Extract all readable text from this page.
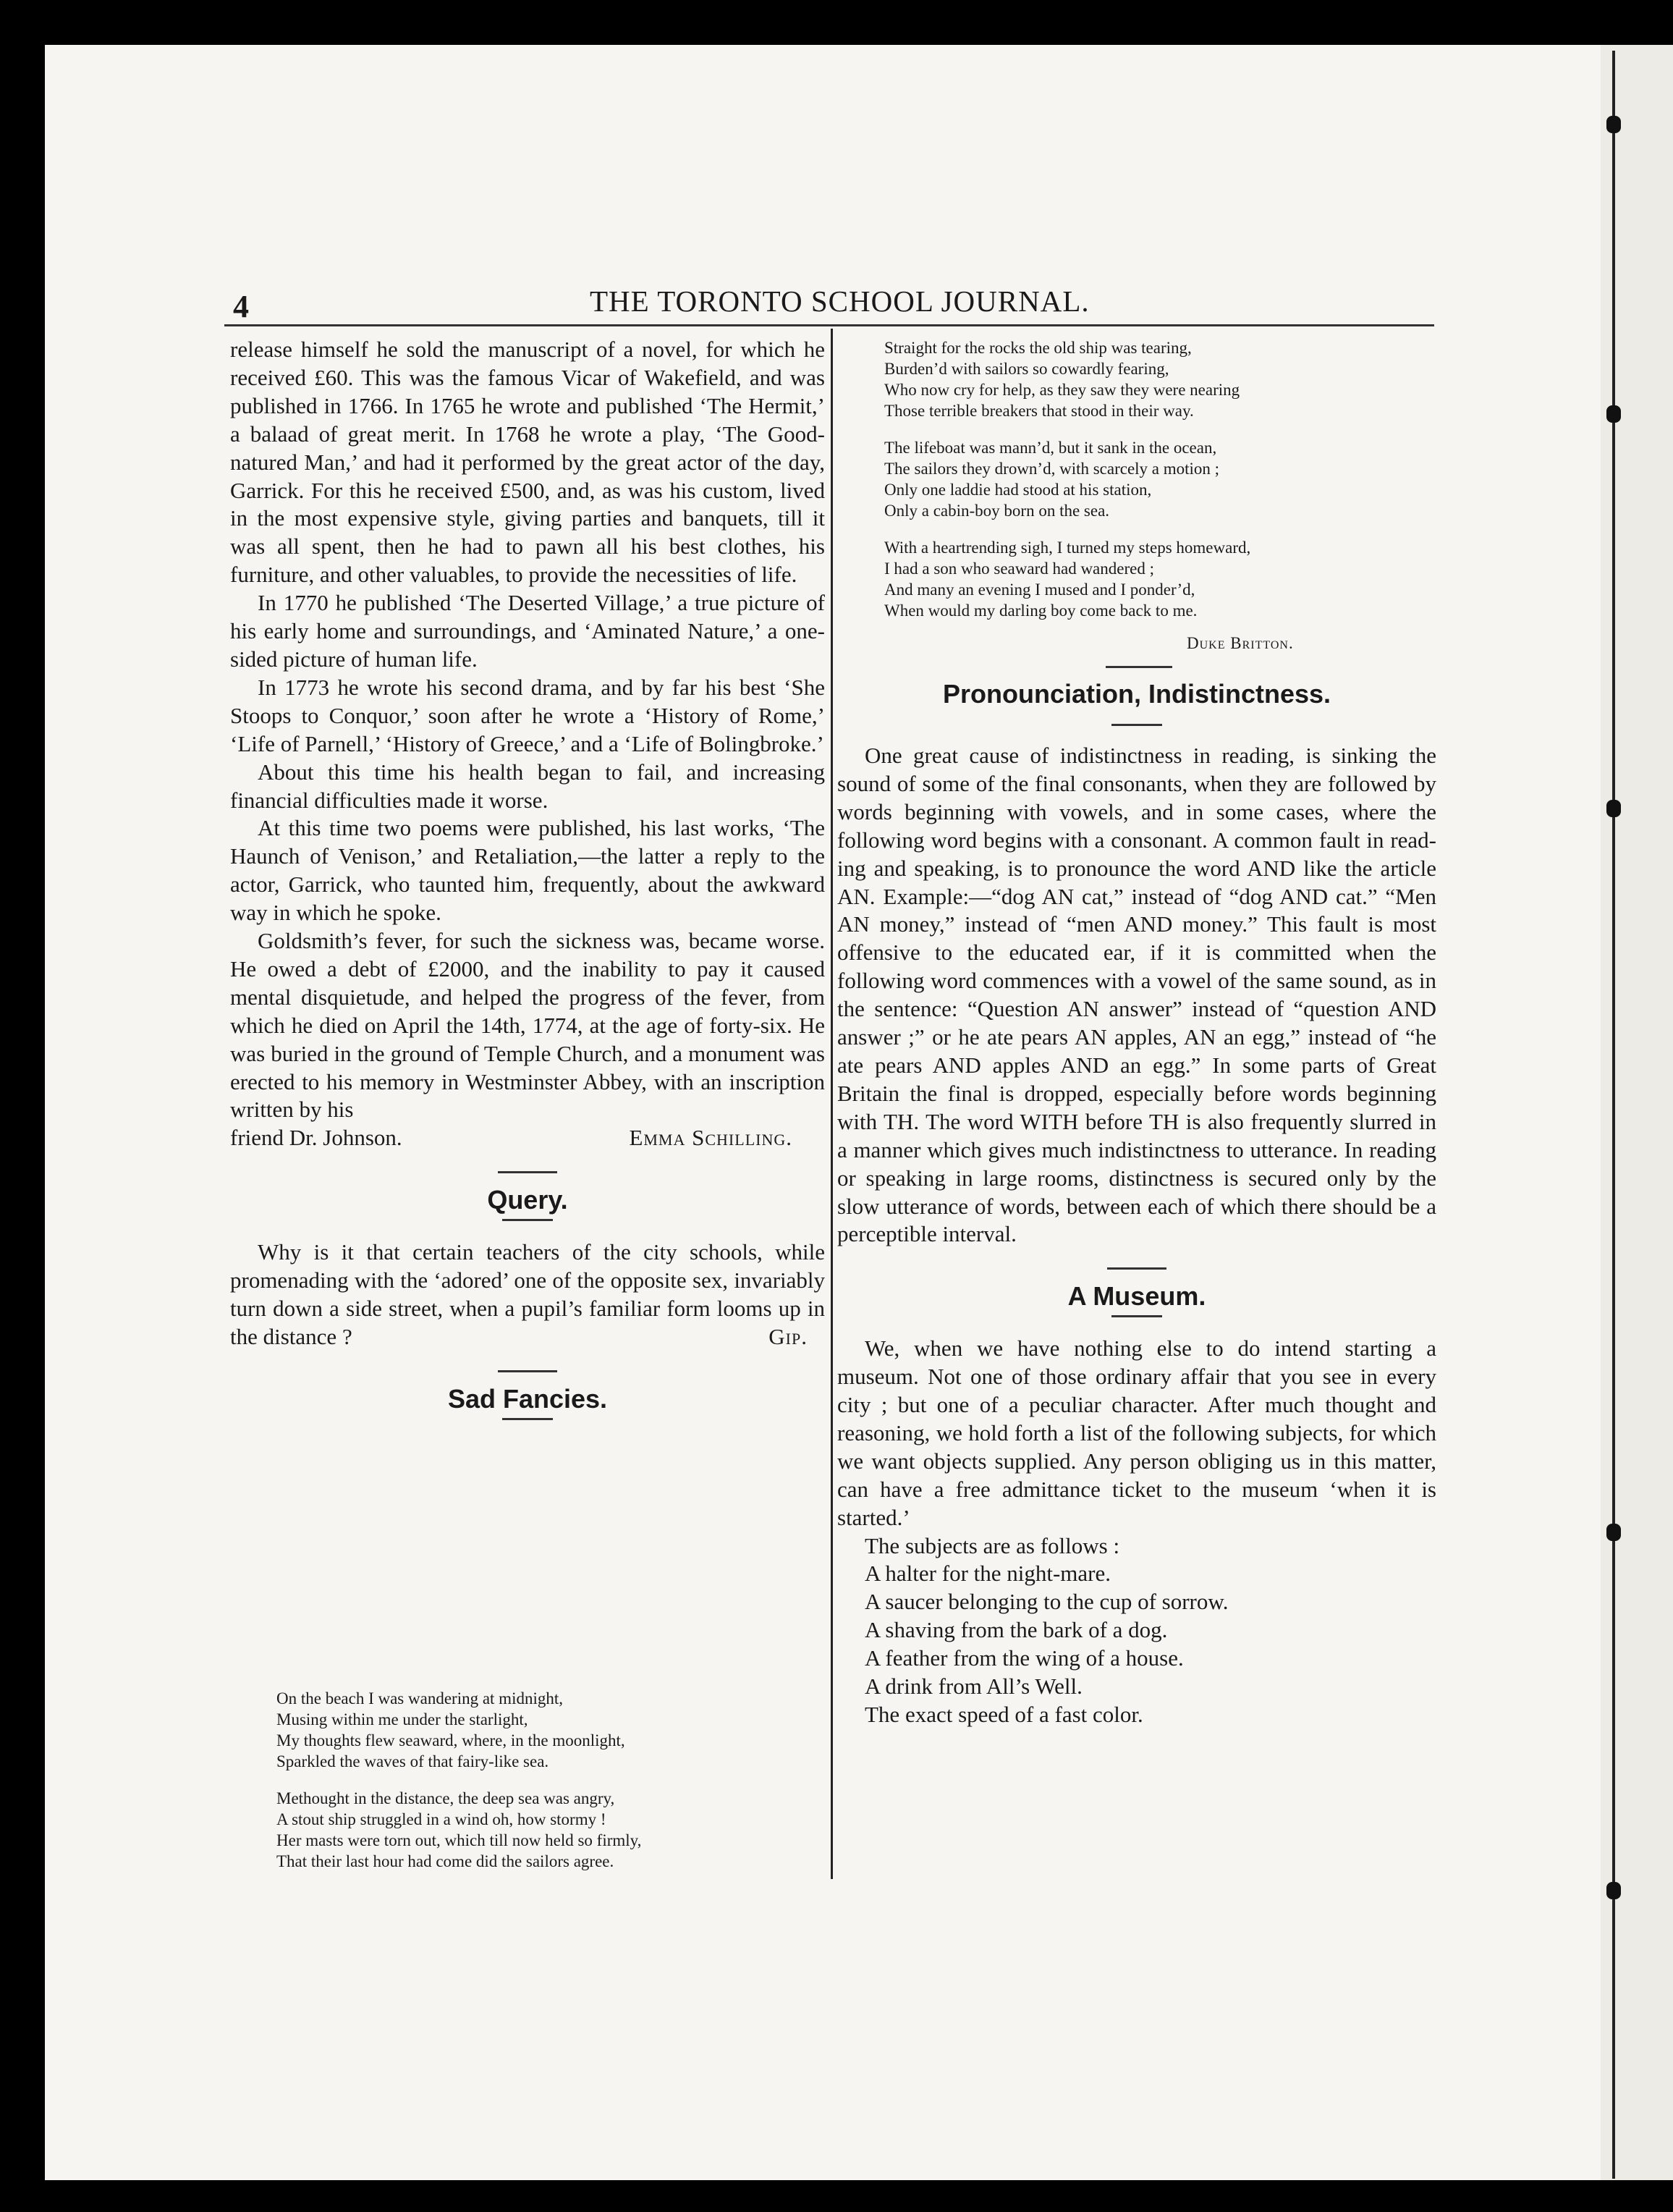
4	THE TORONTO SCHOOL JOURNAL.

release himself he sold the manuscript of a novel, for which he received £60. This was the famous Vicar of Wakefield, and was published in 1766. In 1765 he wrote and published ‘The Hermit,’ a balaad of great merit. In 1768 he wrote a play, ‘The Good-natured Man,’ and had it performed by the great actor of the day, Garrick. For this he received £500, and, as was his custom, lived in the most expensive style, giving parties and banquets, till it was all spent, then he had to pawn all his best clothes, his furniture, and other valuables, to provide the necessities of life.

In 1770 he published ‘The Deserted Village,’ a true picture of his early home and surroundings, and ‘Aminated Nature,’ a one-sided picture of human life.

In 1773 he wrote his second drama, and by far his best ‘She Stoops to Conquor,’ soon after he wrote a ‘History of Rome,’ ‘Life of Parnell,’ ‘History of Greece,’ and a ‘Life of Bolingbroke.’

About this time his health began to fail, and increasing financial difficulties made it worse.

At this time two poems were published, his last works, ‘The Haunch of Venison,’ and Retaliation,—the latter a reply to the actor, Garrick, who taunted him, frequently, about the awkward way in which he spoke.

Goldsmith’s fever, for such the sickness was, became worse. He owed a debt of £2000, and the inability to pay it caused mental disquietude, and helped the progress of the fever, from which he died on April the 14th, 1774, at the age of forty-six. He was buried in the ground of Temple Church, and a monument was erected to his memory in Westminster Abbey, with an inscription written by his

friend Dr. Johnson.	Emma Schilling.
Query.

Why is it that certain teachers of the city schools, while promenading with the ‘adored’ one of the opposite sex, invariably turn down a side street, when a pupil’s familiar form looms up in the distance ?	Gip.
Sad Fancies.

On the beach I was wandering at midnight,

Musing within me under the starlight,

My thoughts flew seaward, where, in the moonlight,

Sparkled the waves of that fairy-like sea.

Methought in the distance, the deep sea was angry,

A stout ship struggled in a wind oh, how stormy !

Her masts were torn out, which till now held so firmly,

That their last hour had come did the sailors agree.

Straight for the rocks the old ship was tearing,

Burden’d with sailors so cowardly fearing,

Who now cry for help, as they saw they were nearing

Those terrible breakers that stood in their way.

The lifeboat was mann’d, but it sank in the ocean,

The sailors they drown’d, with scarcely a motion ;

Only one laddie had stood at his station,

Only a cabin-boy born on the sea.

With a heartrending sigh, I turned my steps homeward,

I had a son who seaward had wandered ;

And many an evening I mused and I ponder’d,

When would my darling boy come back to me.

Duke Britton.
Pronounciation, Indistinctness.

One great cause of indistinctness in reading, is sinking the sound of some of the final consonants, when they are followed by words beginning with vowels, and in some cases, where the following word begins with a consonant. A common fault in reading and speaking, is to pronounce the word AND like the article AN. Example:—“dog AN cat,” instead of “dog AND cat.” “Men AN money,” instead of “men AND money.” This fault is most offensive to the educated ear, if it is committed when the following word commences with a vowel of the same sound, as in the sentence: “Question AN answer” instead of “question AND answer ;” or he ate pears AN apples, AN an egg,” instead of “he ate pears AND apples AND an egg.” In some parts of Great Britain the final is dropped, especially before words beginning with TH. The word WITH before TH is also frequently slurred in a manner which gives much indistinctness to utterance. In reading or speaking in large rooms, distinctness is secured only by the slow utterance of words, between each of which there should be a perceptible interval.

A Museum.

We, when we have nothing else to do intend starting a museum. Not one of those ordinary affair that you see in every city ; but one of a peculiar character. After much thought and reasoning, we hold forth a list of the following subjects, for which we want objects supplied. Any person obliging us in this matter, can have a free admittance ticket to the museum ‘when it is started.’

The subjects are as follows :

A halter for the night-mare.

A saucer belonging to the cup of sorrow.

A shaving from the bark of a dog.

A feather from the wing of a house.

A drink from All’s Well.

The exact speed of a fast color.
